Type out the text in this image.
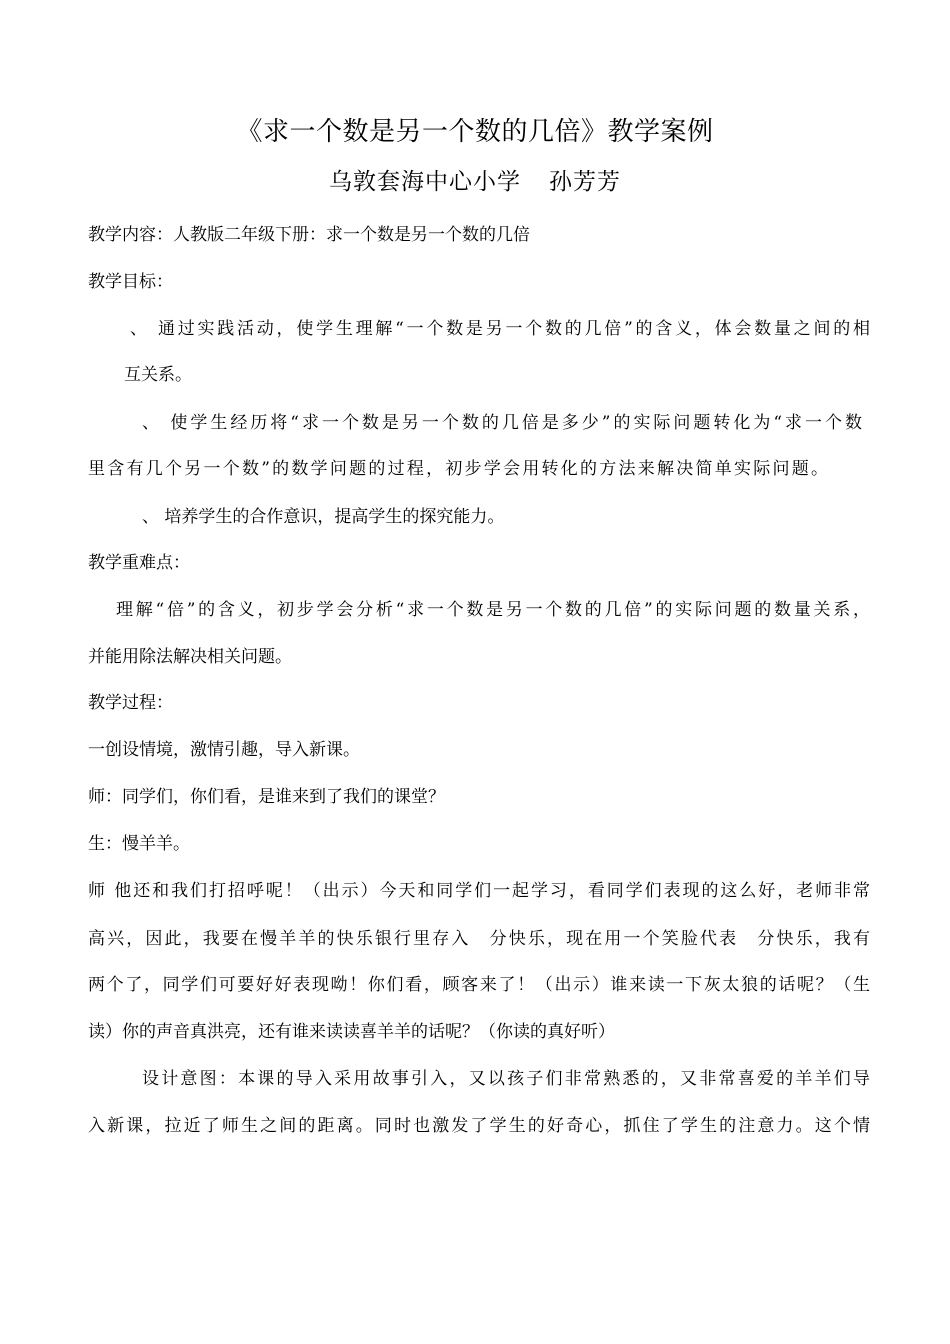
《求一个数是另一个数的几倍》教学案例
乌敦套海中心小学 孙芳芳
教学内容：人教版二年级下册：求一个数是另一个数的几倍
教学目标：
、 通过实践活动，使学生理解“一个数是另一个数的几倍”的含义，体会数量之间的相
互关系。
、 使学生经历将“求一个数是另一个数的几倍是多少”的实际问题转化为“求一个数
里含有几个另一个数”的数学问题的过程，初步学会用转化的方法来解决简单实际问题。
、 培养学生的合作意识，提高学生的探究能力。
教学重难点：
理解“倍”的含义，初步学会分析“求一个数是另一个数的几倍”的实际问题的数量关系，
并能用除法解决相关问题。
教学过程：
一创设情境，激情引趣，导入新课。
师：同学们，你们看，是谁来到了我们的课堂？
生：慢羊羊。
师 他还和我们打招呼呢！（出示）今天和同学们一起学习，看同学们表现的这么好，老师非常
高兴，因此，我要在慢羊羊的快乐银行里存入　分快乐，现在用一个笑脸代表　分快乐，我有
两个了，同学们可要好好表现呦！你们看，顾客来了！（出示）谁来读一下灰太狼的话呢？（生
读）你的声音真洪亮，还有谁来读读喜羊羊的话呢？（你读的真好听）
设计意图：本课的导入采用故事引入，又以孩子们非常熟悉的，又非常喜爱的羊羊们导
入新课，拉近了师生之间的距离。同时也激发了学生的好奇心，抓住了学生的注意力。这个情
